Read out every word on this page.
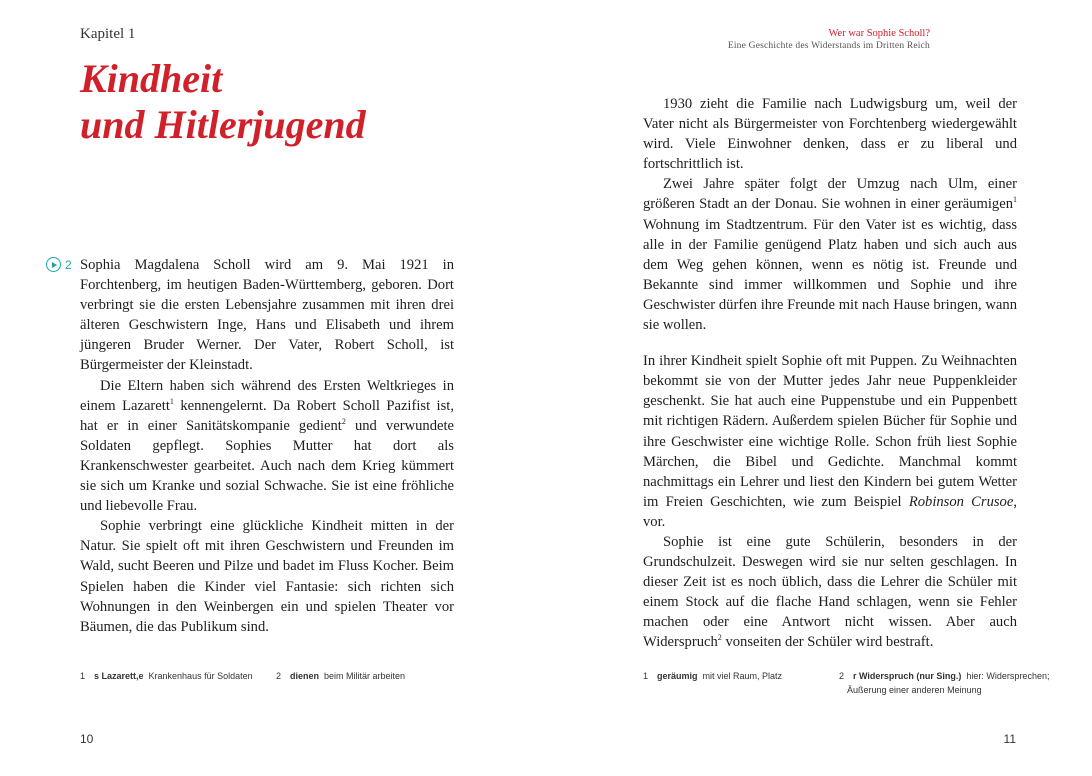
Kapitel 1
Kindheit
und Hitlerjugend
2 Sophia Magdalena Scholl wird am 9. Mai 1921 in Forchtenberg, im heutigen Baden-Württemberg, geboren. Dort verbringt sie die ersten Lebensjahre zusammen mit ihren drei älteren Geschwistern Inge, Hans und Elisabeth und ihrem jüngeren Bruder Werner. Der Vater, Robert Scholl, ist Bürgermeister der Kleinstadt.

Die Eltern haben sich während des Ersten Weltkrieges in einem Lazarett$^1$ kennengelernt. Da Robert Scholl Pazifist ist, hat er in einer Sanitätskompanie gedient$^2$ und verwundete Soldaten gepflegt. Sophies Mutter hat dort als Krankenschwester gearbeitet. Auch nach dem Krieg kümmert sie sich um Kranke und sozial Schwache. Sie ist eine fröhliche und liebevolle Frau.

Sophie verbringt eine glückliche Kindheit mitten in der Natur. Sie spielt oft mit ihren Geschwistern und Freunden im Wald, sucht Beeren und Pilze und badet im Fluss Kocher. Beim Spielen haben die Kinder viel Fantasie: sich richten sich Wohnungen in den Weinbergen ein und spielen Theater vor Bäumen, die das Publikum sind.

1 s Lazarett,e Krankenhaus für Soldaten	2 dienen beim Militär arbeiten
10
Wer war Sophie Scholl?
Eine Geschichte des Widerstands im Dritten Reich

1930 zieht die Familie nach Ludwigsburg um, weil der Vater nicht als Bürgermeister von Forchtenberg wiedergewählt wird. Viele Einwohner denken, dass er zu liberal und fortschrittlich ist.

Zwei Jahre später folgt der Umzug nach Ulm, einer größeren Stadt an der Donau. Sie wohnen in einer geräumigen$^1$ Wohnung im Stadtzentrum. Für den Vater ist es wichtig, dass alle in der Familie genügend Platz haben und sich auch aus dem Weg gehen können, wenn es nötig ist. Freunde und Bekannte sind immer willkommen und Sophie und ihre Geschwister dürfen ihre Freunde mit nach Hause bringen, wann sie wollen.

In ihrer Kindheit spielt Sophie oft mit Puppen. Zu Weihnachten bekommt sie von der Mutter jedes Jahr neue Puppenkleider geschenkt. Sie hat auch eine Puppenstube und ein Puppenbett mit richtigen Rädern. Außerdem spielen Bücher für Sophie und ihre Geschwister eine wichtige Rolle. Schon früh liest Sophie Märchen, die Bibel und Gedichte. Manchmal kommt nachmittags ein Lehrer und liest den Kindern bei gutem Wetter im Freien Geschichten, wie zum Beispiel Robinson Crusoe, vor.

Sophie ist eine gute Schülerin, besonders in der Grundschulzeit. Deswegen wird sie nur selten geschlagen. In dieser Zeit ist es noch üblich, dass die Lehrer die Schüler mit einem Stock auf die flache Hand schlagen, wenn sie Fehler machen oder eine Antwort nicht wissen. Aber auch Widerspruch$^2$ vonseiten der Schüler wird bestraft.

1 geräumig mit viel Raum, Platz	2 r Widerspruch (nur Sing.) hier: Widersprechen;
Äußerung einer anderen Meinung
11
